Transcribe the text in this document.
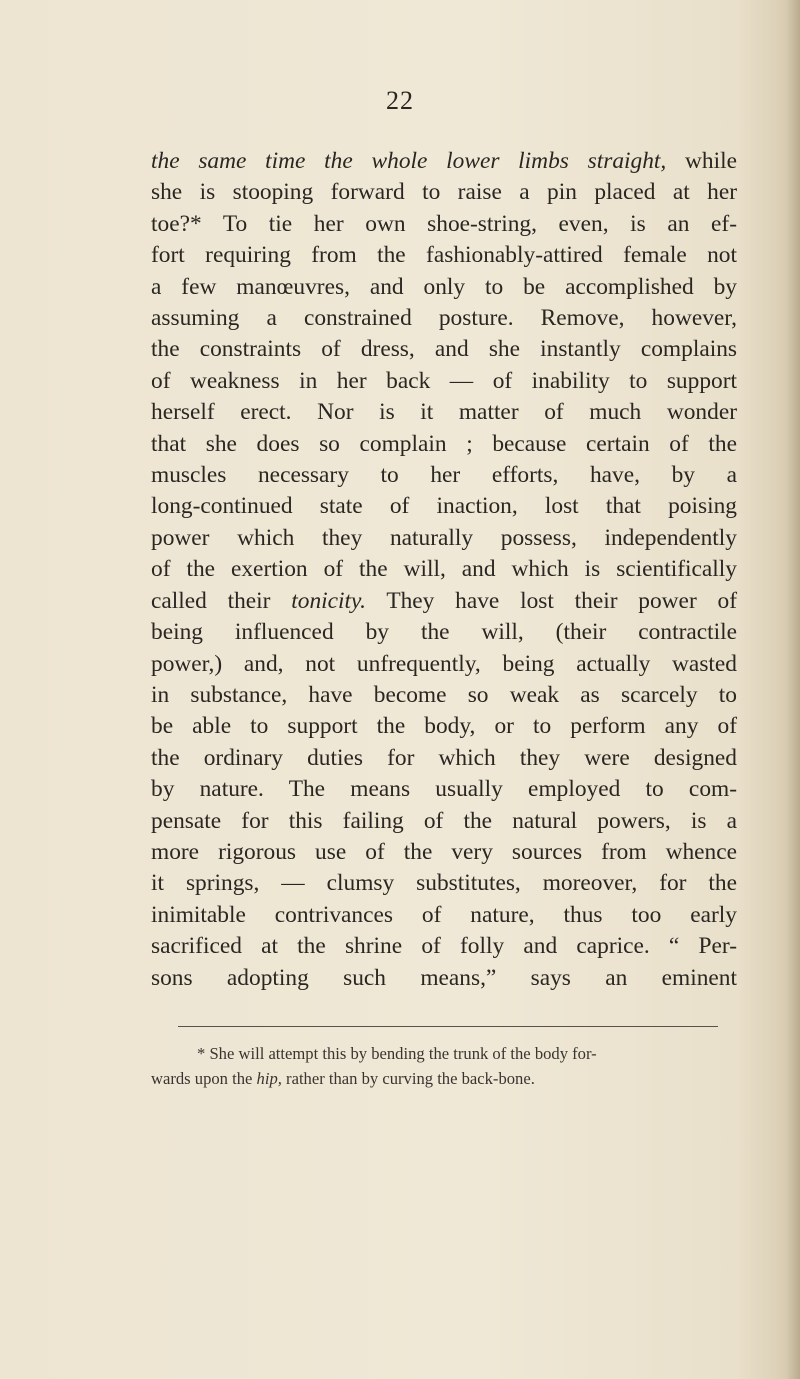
22
the same time the whole lower limbs straight, while
she is stooping forward to raise a pin placed at her
toe?* To tie her own shoe-string, even, is an ef-
fort requiring from the fashionably-attired female not
a few manœuvres, and only to be accomplished by
assuming a constrained posture. Remove, however,
the constraints of dress, and she instantly complains
of weakness in her back — of inability to support
herself erect. Nor is it matter of much wonder
that she does so complain ; because certain of the
muscles necessary to her efforts, have, by a
long-continued state of inaction, lost that poising
power which they naturally possess, independently
of the exertion of the will, and which is scientifically
called their tonicity. They have lost their power of
being influenced by the will, (their contractile
power,) and, not unfrequently, being actually wasted
in substance, have become so weak as scarcely to
be able to support the body, or to perform any of
the ordinary duties for which they were designed
by nature. The means usually employed to com-
pensate for this failing of the natural powers, is a
more rigorous use of the very sources from whence
it springs, — clumsy substitutes, moreover, for the
inimitable contrivances of nature, thus too early
sacrificed at the shrine of folly and caprice. “ Per-
sons adopting such means,” says an eminent
* She will attempt this by bending the trunk of the body for-
wards upon the hip, rather than by curving the back-bone.
